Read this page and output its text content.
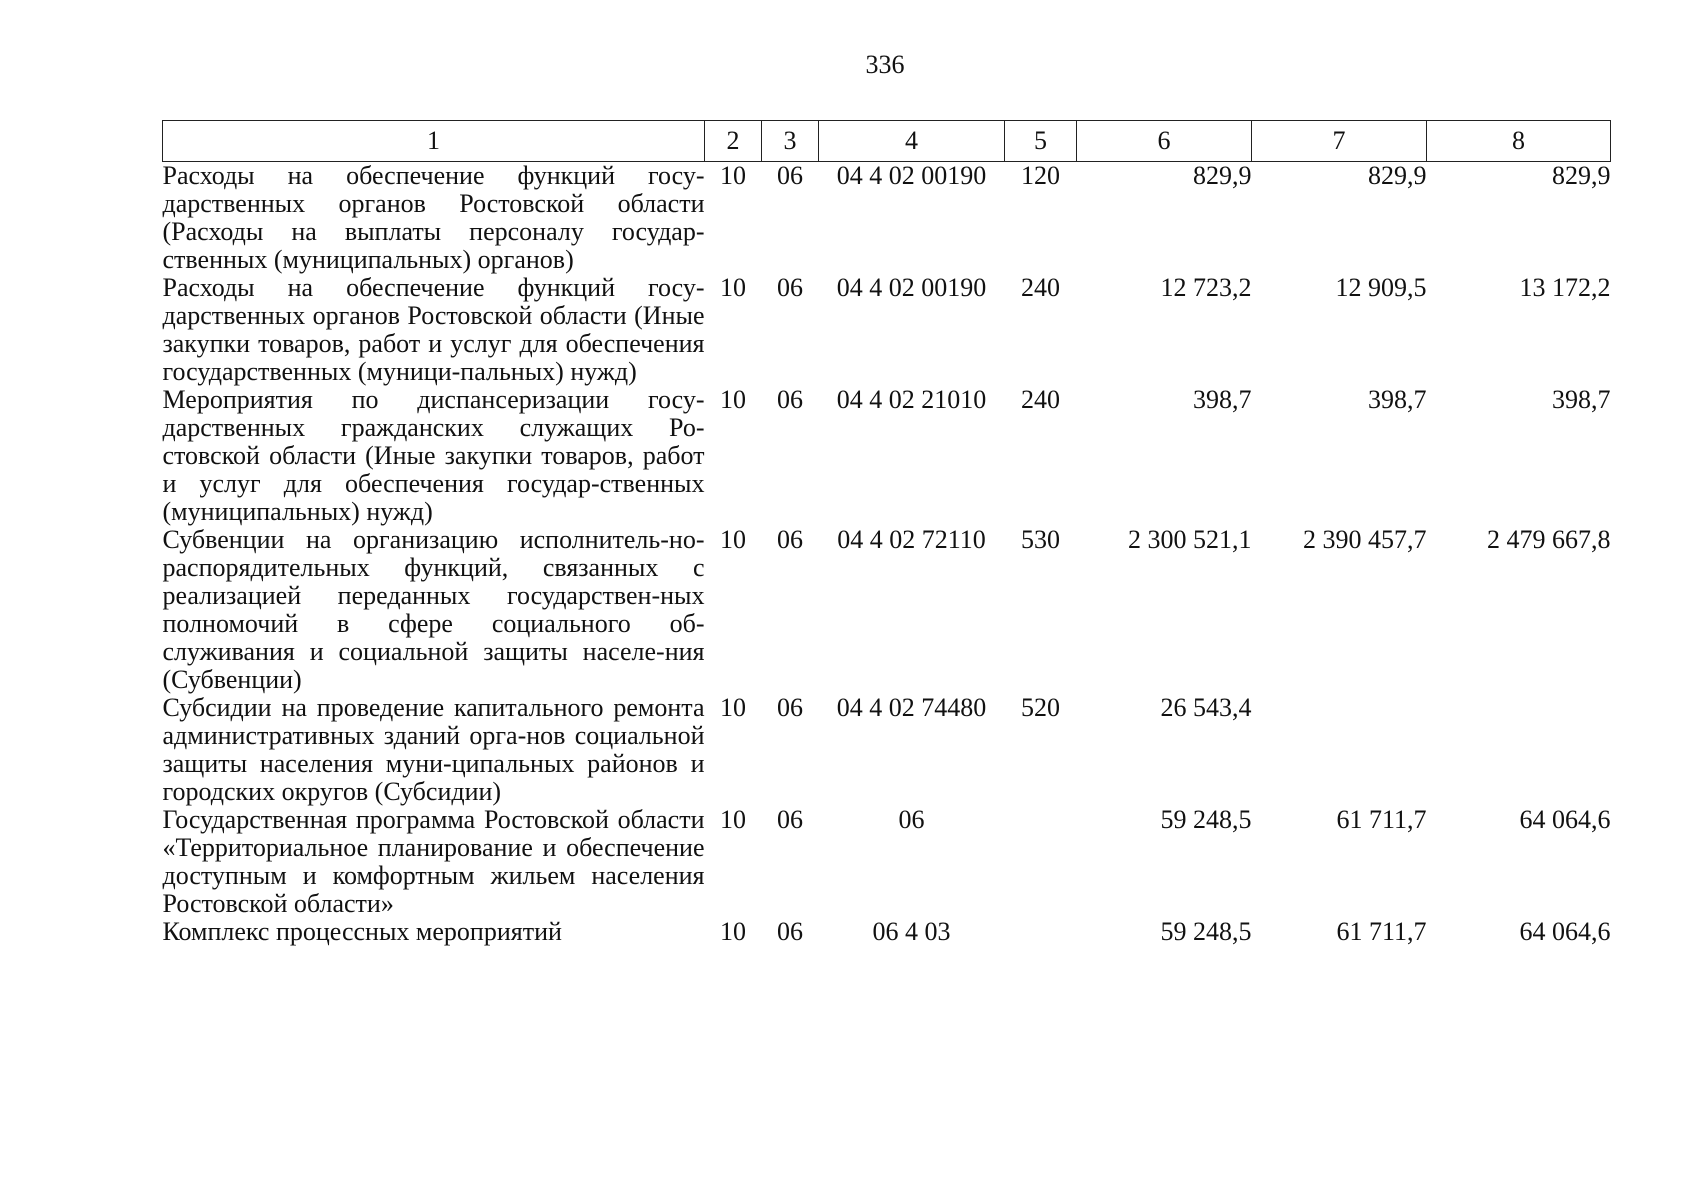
336
1	2	3	4	5	6	7	8

Расходы на обеспечение функций госу-дарственных органов Ростовской области (Расходы на выплаты персоналу государ-ственных (муниципальных) органов)	10	06	04 4 02 00190	120	829,9	829,9	829,9

Расходы на обеспечение функций госу-дарственных органов Ростовской области (Иные закупки товаров, работ и услуг для обеспечения государственных (муници-пальных) нужд)	10	06	04 4 02 00190	240	12 723,2	12 909,5	13 172,2

Мероприятия по диспансеризации госу-дарственных гражданских служащих Ро-стовской области (Иные закупки товаров, работ и услуг для обеспечения государ-ственных (муниципальных) нужд)	10	06	04 4 02 21010	240	398,7	398,7	398,7

Субвенции на организацию исполнитель-но-распорядительных функций, связанных с реализацией переданных государствен-ных полномочий в сфере социального об-служивания и социальной защиты населе-ния (Субвенции)	10	06	04 4 02 72110	530	2 300 521,1	2 390 457,7	2 479 667,8

Субсидии на проведение капитального ремонта административных зданий орга-нов социальной защиты населения муни-ципальных районов и городских округов (Субсидии)	10	06	04 4 02 74480	520	26 543,4		

Государственная программа Ростовской области «Территориальное планирование и обеспечение доступным и комфортным жильем населения Ростовской области»	10	06	06		59 248,5	61 711,7	64 064,6

Комплекс процессных мероприятий	10	06	06 4 03		59 248,5	61 711,7	64 064,6
